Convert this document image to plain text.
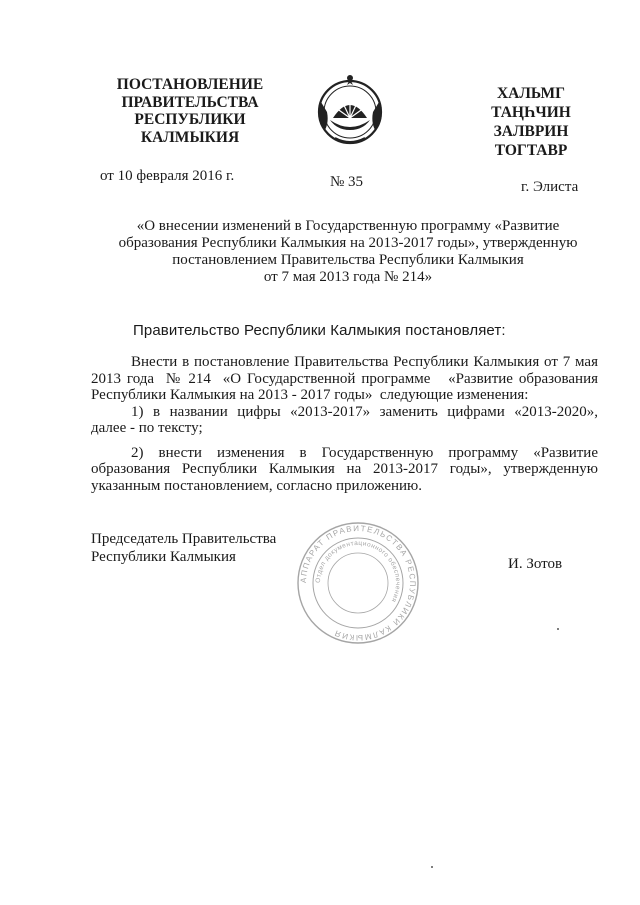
ПОСТАНОВЛЕНИЕ
ПРАВИТЕЛЬСТВА
РЕСПУБЛИКИ
КАЛМЫКИЯ
ХАЛЬМГ
ТАҢҺЧИН
ЗАЛВРИН
ТОГТАВР
от 10 февраля 2016 г.	№ 35	г. Элиста
«О внесении изменений в Государственную программу «Развитие
образования Республики Калмыкия на 2013-2017 годы», утвержденную
постановлением Правительства Республики Калмыкия
от 7 мая 2013 года № 214»
Правительство Республики Калмыкия постановляет:
Внести в постановление Правительства Республики Калмыкия от 7 мая
2013 года  № 214  «О Государственной программе   «Развитие образования
Республики Калмыкия на 2013 - 2017 годы»  следующие изменения:
1) в названии цифры «2013-2017» заменить цифрами «2013-2020»,
далее - по тексту;
2) внести изменения в Государственную программу «Развитие
образования Республики Калмыкия на 2013-2017 годы», утвержденную
указанным постановлением, согласно приложению.
Председатель Правительства
Республики Калмыкия
АППАРАТ ПРАВИТЕЛЬСТВА РЕСПУБЛИКИ КАЛМЫКИЯ
Отдел документационного обеспечения
И. Зотов
